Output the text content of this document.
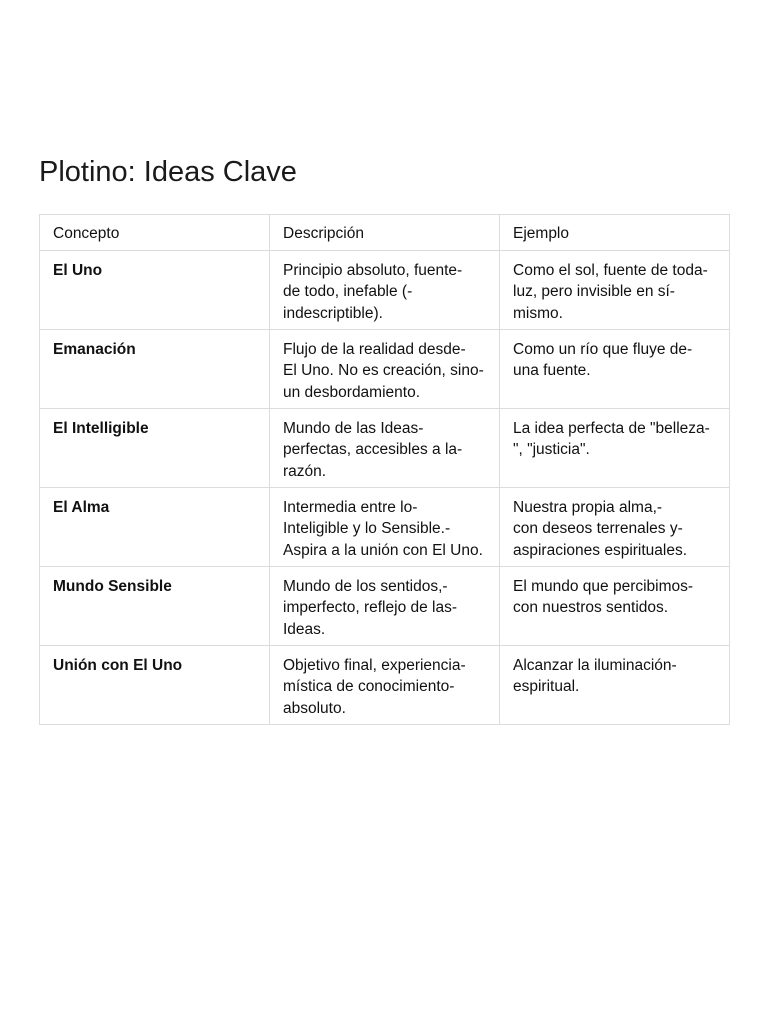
Plotino: Ideas Clave
Concepto	Descripción	Ejemplo
El Uno	Principio absoluto, fuente-
de todo, inefable (-
indescriptible).	Como el sol, fuente de toda-
luz, pero invisible en sí-
mismo.
Emanación	Flujo de la realidad desde-
El Uno. No es creación, sino-
un desbordamiento.	Como un río que fluye de-
una fuente.
El Intelligible	Mundo de las Ideas-
perfectas, accesibles a la-
razón.	La idea perfecta de "belleza-
", "justicia".
El Alma	Intermedia entre lo-
Inteligible y lo Sensible.-
Aspira a la unión con El Uno.	Nuestra propia alma,-
con deseos terrenales y-
aspiraciones espirituales.
Mundo Sensible	Mundo de los sentidos,-
imperfecto, reflejo de las-
Ideas.	El mundo que percibimos-
con nuestros sentidos.
Unión con El Uno	Objetivo final, experiencia-
mística de conocimiento-
absoluto.	Alcanzar la iluminación-
espiritual.
